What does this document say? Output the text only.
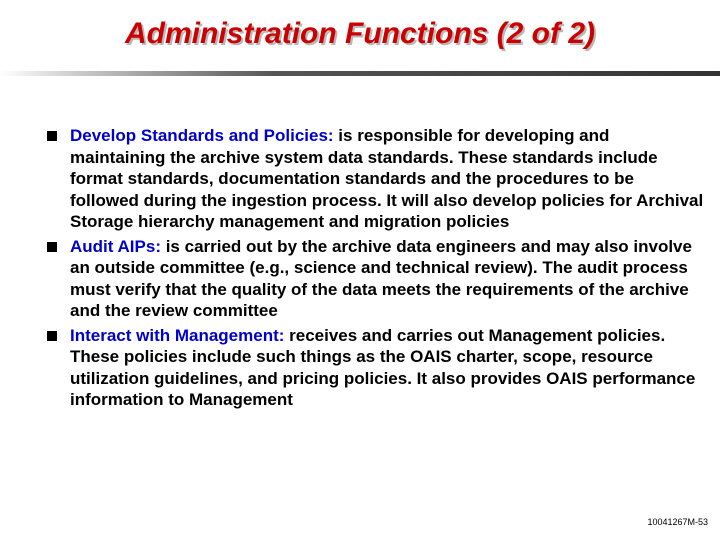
Administration Functions (2 of 2)
Develop Standards and Policies: is responsible for developing and maintaining the archive system data standards. These standards include format standards, documentation standards and the procedures to be followed during the ingestion process. It will also develop policies for Archival Storage hierarchy management and migration policies
Audit AIPs: is carried out by the archive data engineers and may also involve an outside committee (e.g., science and technical review). The audit process must verify that the quality of the data meets the requirements of the archive and the review committee
Interact with Management: receives and carries out Management policies. These policies include such things as the OAIS charter, scope, resource utilization guidelines, and pricing policies. It also provides OAIS performance information to Management
10041267M-53
